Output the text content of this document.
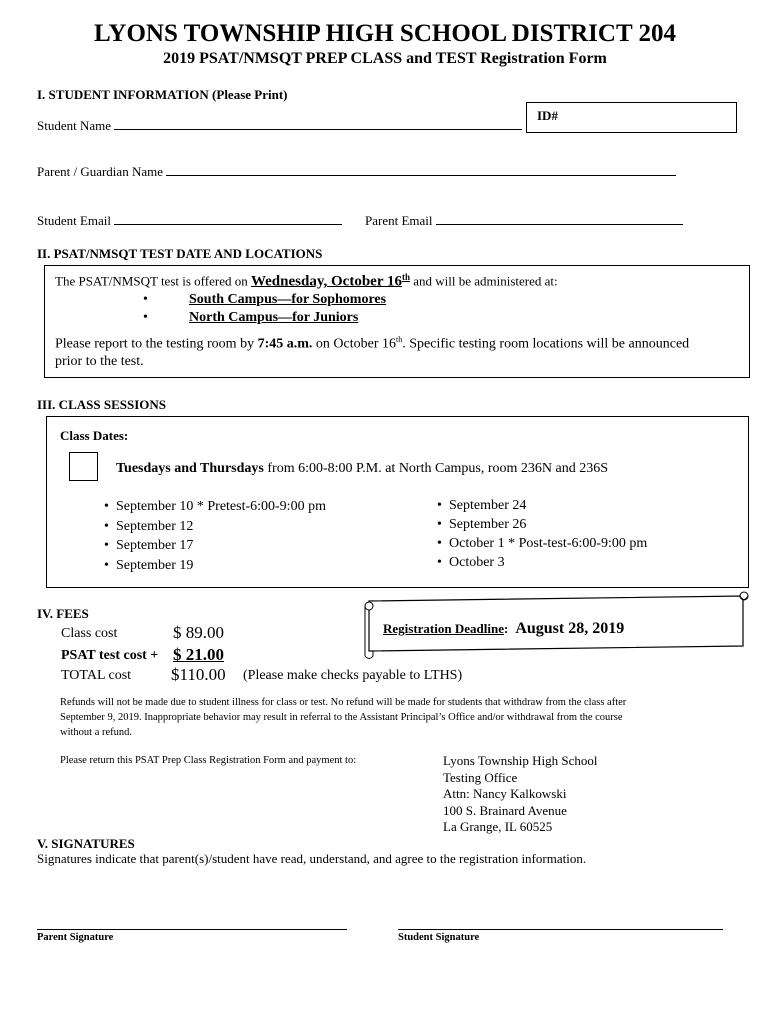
LYONS TOWNSHIP HIGH SCHOOL DISTRICT 204
2019 PSAT/NMSQT PREP CLASS and TEST Registration Form
I. STUDENT INFORMATION (Please Print)
ID#
Student Name
Parent / Guardian Name
Student Email	Parent Email
II. PSAT/NMSQT TEST DATE AND LOCATIONS
The PSAT/NMSQT test is offered on Wednesday, October 16th and will be administered at:
•	South Campus—for Sophomores
•	North Campus—for Juniors
Please report to the testing room by 7:45 a.m. on October 16th. Specific testing room locations will be announced
prior to the test.
III. CLASS SESSIONS
Class Dates:
Tuesdays and Thursdays from 6:00-8:00 P.M. at North Campus, room 236N and 236S
• September 10 * Pretest-6:00-9:00 pm
• September 12
• September 17
• September 19
• September 24
• September 26
• October 1 * Post-test-6:00-9:00 pm
• October 3
IV. FEES
Registration Deadline: August 28, 2019
Class cost	$ 89.00
PSAT test cost + $ 21.00
TOTAL cost $110.00 (Please make checks payable to LTHS)
Refunds will not be made due to student illness for class or test. No refund will be made for students that withdraw from the class after
September 9, 2019. Inappropriate behavior may result in referral to the Assistant Principal’s Office and/or withdrawal from the course
without a refund.
Please return this PSAT Prep Class Registration Form and payment to:	Lyons Township High School
Testing Office
Attn: Nancy Kalkowski
100 S. Brainard Avenue
La Grange, IL 60525
V. SIGNATURES
Signatures indicate that parent(s)/student have read, understand, and agree to the registration information.
Parent Signature	Student Signature
